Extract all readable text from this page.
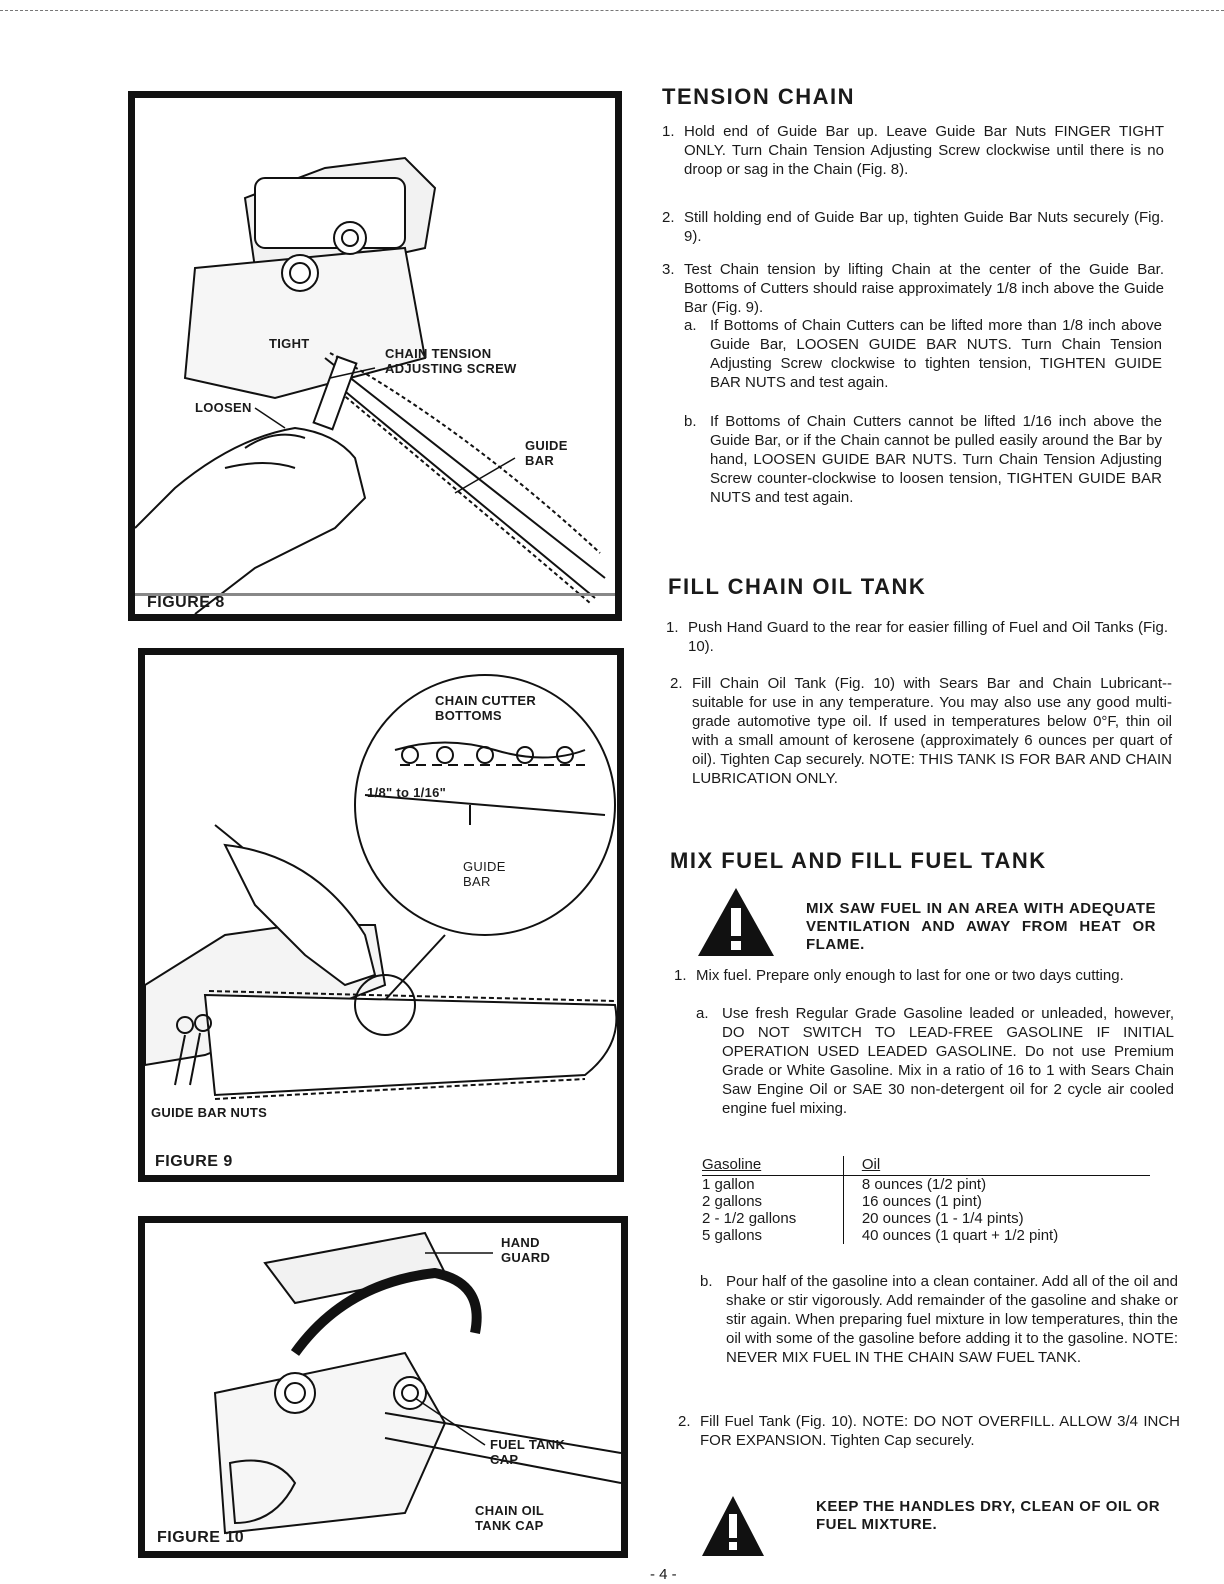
TIGHT
CHAIN TENSION
ADJUSTING SCREW
LOOSEN
GUIDE
BAR
FIGURE 8
CHAIN CUTTER
BOTTOMS
1/8" to 1/16"
GUIDE
BAR
GUIDE BAR NUTS
FIGURE 9
HAND
GUARD
FUEL TANK
CAP
CHAIN OIL
TANK CAP
FIGURE 10
TENSION CHAIN
1. Hold end of Guide Bar up. Leave Guide Bar Nuts FINGER TIGHT ONLY. Turn Chain Tension Adjusting Screw clockwise until there is no droop or sag in the Chain (Fig. 8).
2. Still holding end of Guide Bar up, tighten Guide Bar Nuts securely (Fig. 9).
3. Test Chain tension by lifting Chain at the center of the Guide Bar. Bottoms of Cutters should raise approximately 1/8 inch above the Guide Bar (Fig. 9).
a. If Bottoms of Chain Cutters can be lifted more than 1/8 inch above Guide Bar, LOOSEN GUIDE BAR NUTS. Turn Chain Tension Adjusting Screw clockwise to tighten tension, TIGHTEN GUIDE BAR NUTS and test again.
b. If Bottoms of Chain Cutters cannot be lifted 1/16 inch above the Guide Bar, or if the Chain cannot be pulled easily around the Bar by hand, LOOSEN GUIDE BAR NUTS. Turn Chain Tension Adjusting Screw counter-clockwise to loosen tension, TIGHTEN GUIDE BAR NUTS and test again.
FILL CHAIN OIL TANK
1. Push Hand Guard to the rear for easier filling of Fuel and Oil Tanks (Fig. 10).
2. Fill Chain Oil Tank (Fig. 10) with Sears Bar and Chain Lubricant--suitable for use in any temperature. You may also use any good multi-grade automotive type oil. If used in temperatures below 0°F, thin oil with a small amount of kerosene (approximately 6 ounces per quart of oil). Tighten Cap securely. NOTE: THIS TANK IS FOR BAR AND CHAIN LUBRICATION ONLY.
MIX FUEL AND FILL FUEL TANK
MIX SAW FUEL IN AN AREA WITH ADEQUATE VENTILATION AND AWAY FROM HEAT OR FLAME.
1. Mix fuel. Prepare only enough to last for one or two days cutting.
a. Use fresh Regular Grade Gasoline leaded or unleaded, however, DO NOT SWITCH TO LEAD-FREE GASOLINE IF INITIAL OPERATION USED LEADED GASOLINE. Do not use Premium Grade or White Gasoline. Mix in a ratio of 16 to 1 with Sears Chain Saw Engine Oil or SAE 30 non-detergent oil for 2 cycle air cooled engine fuel mixing.
Gasoline	Oil
1 gallon	8 ounces (1/2 pint)
2 gallons	16 ounces (1 pint)
2 - 1/2 gallons	20 ounces (1 - 1/4 pints)
5 gallons	40 ounces (1 quart + 1/2 pint)
b. Pour half of the gasoline into a clean container. Add all of the oil and shake or stir vigorously. Add remainder of the gasoline and shake or stir again. When preparing fuel mixture in low temperatures, thin the oil with some of the gasoline before adding it to the gasoline. NOTE: NEVER MIX FUEL IN THE CHAIN SAW FUEL TANK.
2. Fill Fuel Tank (Fig. 10). NOTE: DO NOT OVERFILL. ALLOW 3/4 INCH FOR EXPANSION. Tighten Cap securely.
KEEP THE HANDLES DRY, CLEAN OF OIL OR FUEL MIXTURE.
- 4 -
